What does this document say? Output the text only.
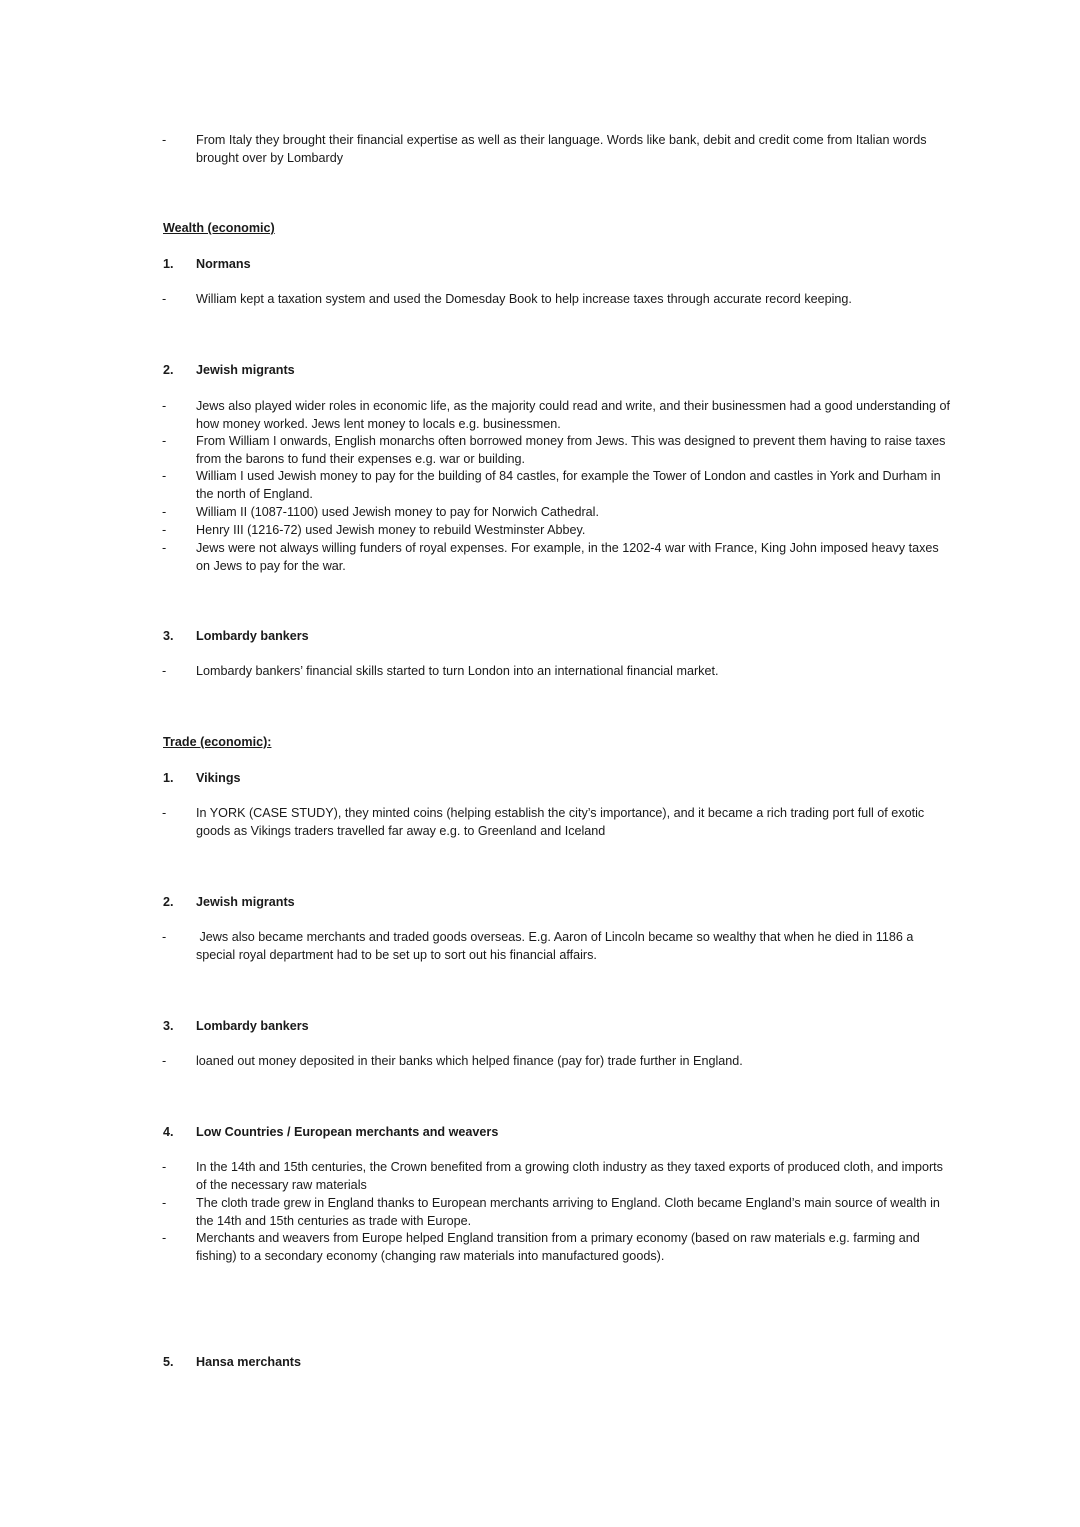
-	From Italy they brought their financial expertise as well as their language. Words like bank, debit and credit come from Italian words brought over by Lombardy
Wealth (economic)
1. Normans
-	William kept a taxation system and used the Domesday Book to help increase taxes through accurate record keeping.
2. Jewish migrants
-	Jews also played wider roles in economic life, as the majority could read and write, and their businessmen had a good understanding of how money worked. Jews lent money to locals e.g. businessmen.
-	From William I onwards, English monarchs often borrowed money from Jews. This was designed to prevent them having to raise taxes from the barons to fund their expenses e.g. war or building.
-	William I used Jewish money to pay for the building of 84 castles, for example the Tower of London and castles in York and Durham in the north of England.
-	William II (1087-1100) used Jewish money to pay for Norwich Cathedral.
-	Henry III (1216-72) used Jewish money to rebuild Westminster Abbey.
-	Jews were not always willing funders of royal expenses. For example, in the 1202-4 war with France, King John imposed heavy taxes on Jews to pay for the war.
3. Lombardy bankers
-	Lombardy bankers’ financial skills started to turn London into an international financial market.
Trade (economic):
1. Vikings
-	In YORK (CASE STUDY), they minted coins (helping establish the city’s importance), and it became a rich trading port full of exotic goods as Vikings traders travelled far away e.g. to Greenland and Iceland
2. Jewish migrants
-	Jews also became merchants and traded goods overseas. E.g. Aaron of Lincoln became so wealthy that when he died in 1186 a special royal department had to be set up to sort out his financial affairs.
3. Lombardy bankers
-	loaned out money deposited in their banks which helped finance (pay for) trade further in England.
4. Low Countries / European merchants and weavers
-	In the 14th and 15th centuries, the Crown benefited from a growing cloth industry as they taxed exports of produced cloth, and imports of the necessary raw materials
-	The cloth trade grew in England thanks to European merchants arriving to England. Cloth became England’s main source of wealth in the 14th and 15th centuries as trade with Europe.
-	Merchants and weavers from Europe helped England transition from a primary economy (based on raw materials e.g. farming and fishing) to a secondary economy (changing raw materials into manufactured goods).
5. Hansa merchants
